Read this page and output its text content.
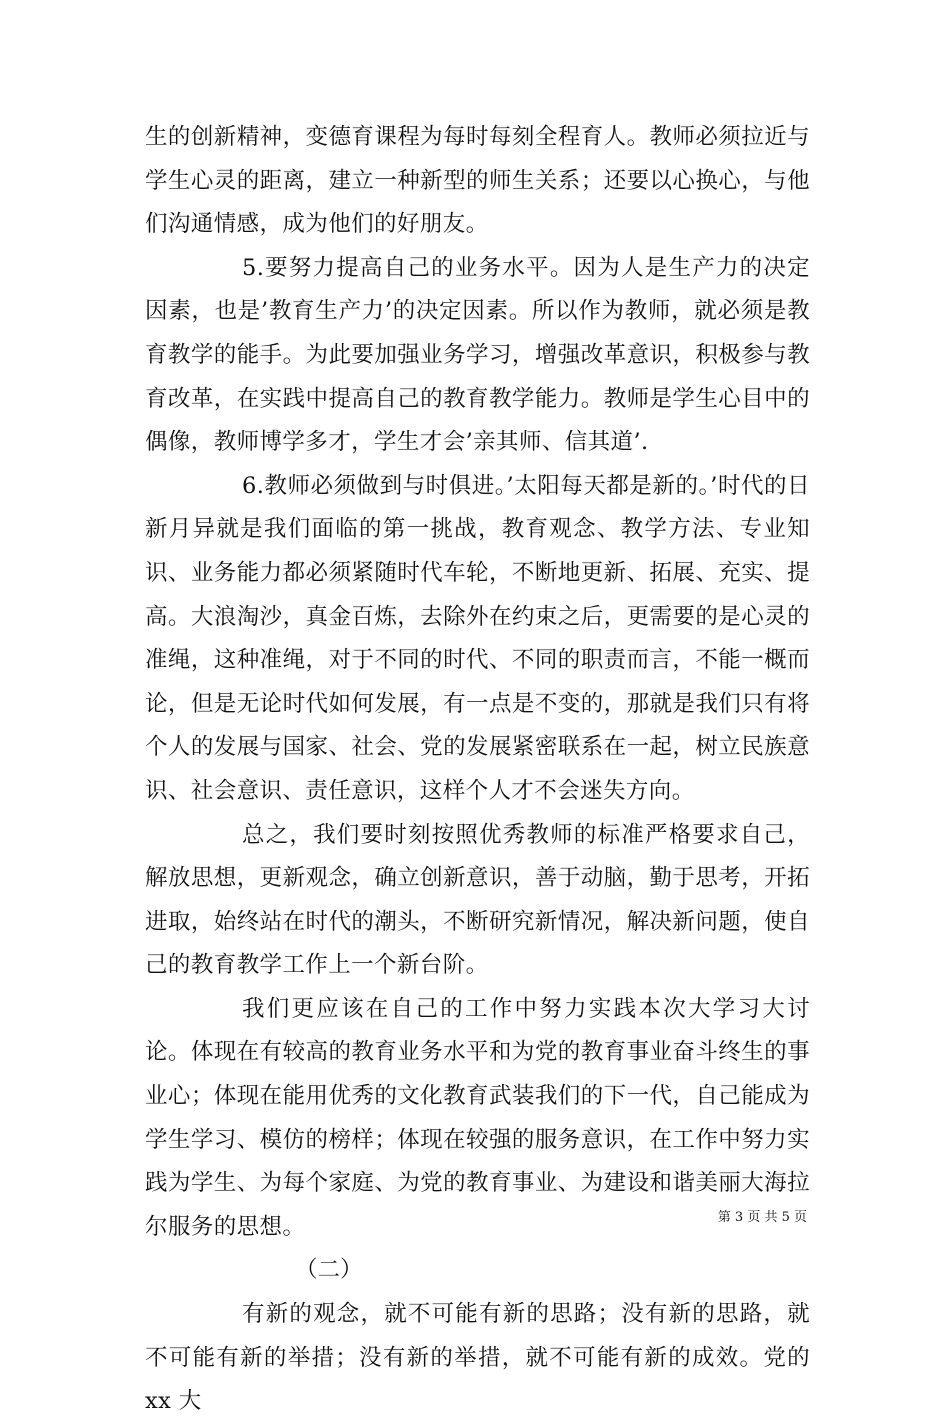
生的创新精神，变德育课程为每时每刻全程育人。教师必须拉近与学生心灵的距离，建立一种新型的师生关系；还要以心换心，与他们沟通情感，成为他们的好朋友。

5.要努力提高自己的业务水平。因为人是生产力的决定因素，也是’教育生产力’的决定因素。所以作为教师，就必须是教育教学的能手。为此要加强业务学习，增强改革意识，积极参与教育改革，在实践中提高自己的教育教学能力。教师是学生心目中的偶像，教师博学多才，学生才会’亲其师、信其道’.

6.教师必须做到与时俱进。’太阳每天都是新的。’时代的日新月异就是我们面临的第一挑战，教育观念、教学方法、专业知识、业务能力都必须紧随时代车轮，不断地更新、拓展、充实、提高。大浪淘沙，真金百炼，去除外在约束之后，更需要的是心灵的准绳，这种准绳，对于不同的时代、不同的职责而言，不能一概而论，但是无论时代如何发展，有一点是不变的，那就是我们只有将个人的发展与国家、社会、党的发展紧密联系在一起，树立民族意识、社会意识、责任意识，这样个人才不会迷失方向。

总之，我们要时刻按照优秀教师的标准严格要求自己，解放思想，更新观念，确立创新意识，善于动脑，勤于思考，开拓进取，始终站在时代的潮头，不断研究新情况，解决新问题，使自己的教育教学工作上一个新台阶。

我们更应该在自己的工作中努力实践本次大学习大讨论。体现在有较高的教育业务水平和为党的教育事业奋斗终生的事业心；体现在能用优秀的文化教育武装我们的下一代，自己能成为学生学习、模仿的榜样；体现在较强的服务意识，在工作中努力实践为学生、为每个家庭、为党的教育事业、为建设和谐美丽大海拉尔服务的思想。

（二）

有新的观念，就不可能有新的思路；没有新的思路，就不可能有新的举措；没有新的举措，就不可能有新的成效。党的 xx 大

第 3 页 共 5 页
